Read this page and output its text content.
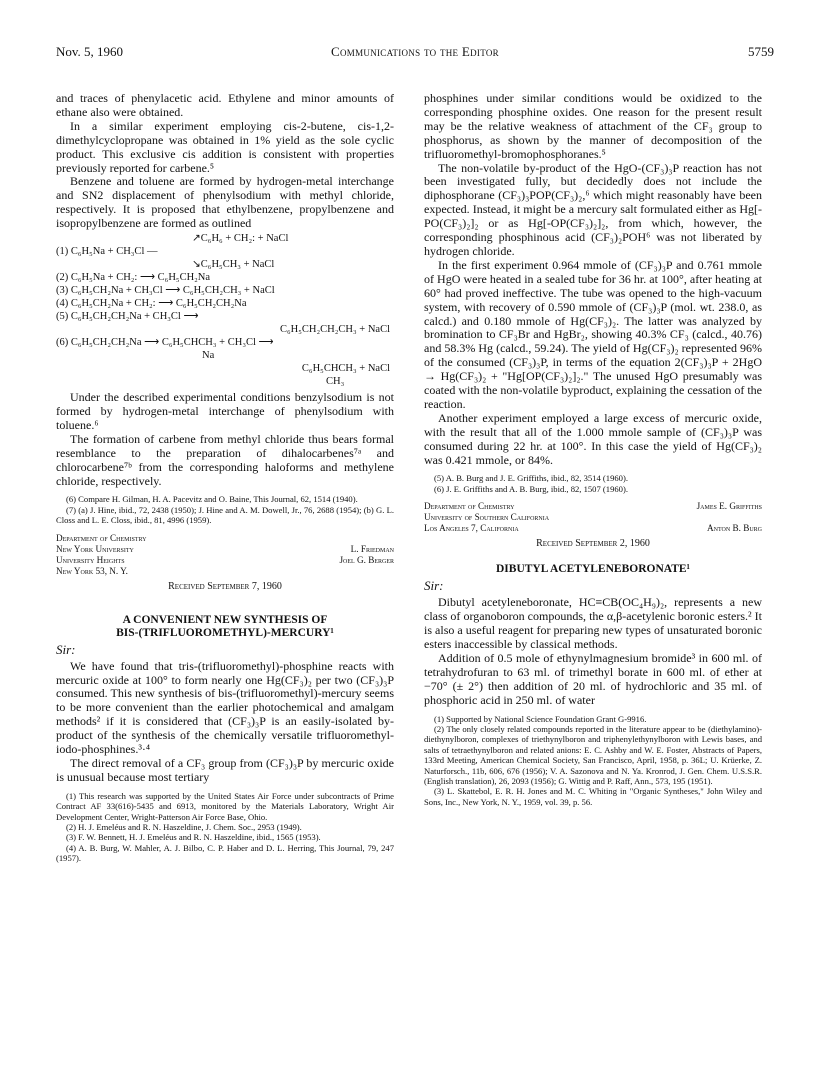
Nov. 5, 1960	Communications to the Editor	5759

and traces of phenylacetic acid. Ethylene and minor amounts of ethane also were obtained.

In a similar experiment employing cis-2-butene, cis-1,2-dimethylcyclopropane was obtained in 1% yield as the sole cyclic product. This exclusive cis addition is consistent with properties previously reported for carbene.⁵

Benzene and toluene are formed by hydrogen-metal interchange and SN2 displacement of phenylsodium with methyl chloride, respectively. It is proposed that ethylbenzene, propylbenzene and isopropylbenzene are formed as outlined

↗C₆H₆ + CH₂: + NaCl
(1) C₆H₅Na + CH₃Cl —
↘C₆H₅CH₃ + NaCl
(2) C₆H₅Na + CH₂: ⟶ C₆H₅CH₂Na
(3) C₆H₅CH₂Na + CH₃Cl ⟶ C₆H₅CH₂CH₃ + NaCl
(4) C₆H₅CH₂Na + CH₂: ⟶ C₆H₅CH₂CH₂Na
(5) C₆H₅CH₂CH₂Na + CH₃Cl ⟶
C₆H₅CH₂CH₂CH₃ + NaCl
(6) C₆H₅CH₂CH₂Na ⟶ C₆H₅CHCH₃ + CH₃Cl ⟶
Na
C₆H₅CHCH₃ + NaCl
CH₃

Under the described experimental conditions benzylsodium is not formed by hydrogen-metal interchange of phenylsodium with toluene.⁶

The formation of carbene from methyl chloride thus bears formal resemblance to the preparation of dihalocarbenes⁷ᵃ and chlorocarbene⁷ᵇ from the corresponding haloforms and methylene chloride, respectively.

(6) Compare H. Gilman, H. A. Pacevitz and O. Baine, This Journal, 62, 1514 (1940).

(7) (a) J. Hine, ibid., 72, 2438 (1950); J. Hine and A. M. Dowell, Jr., 76, 2688 (1954); (b) G. L. Closs and L. E. Closs, ibid., 81, 4996 (1959).

Department of Chemistry
New York University	L. Friedman
University Heights	Joel G. Berger
New York 53, N. Y.
Received September 7, 1960
A CONVENIENT NEW SYNTHESIS OF
BIS-(TRIFLUOROMETHYL)-MERCURY¹
Sir:

We have found that tris-(trifluoromethyl)-phosphine reacts with mercuric oxide at 100° to form nearly one Hg(CF₃)₂ per two (CF₃)₃P consumed. This new synthesis of bis-(trifluoromethyl)-mercury seems to be more convenient than the earlier photochemical and amalgam methods² if it is considered that (CF₃)₃P is an easily-isolated by-product of the synthesis of the chemically versatile trifluoromethyl-iodo-phosphines.³·⁴

The direct removal of a CF₃ group from (CF₃)₃P by mercuric oxide is unusual because most tertiary

(1) This research was supported by the United States Air Force under subcontracts of Prime Contract AF 33(616)-5435 and 6913, monitored by the Materials Laboratory, Wright Air Development Center, Wright-Patterson Air Force Base, Ohio.

(2) H. J. Emeléus and R. N. Haszeldine, J. Chem. Soc., 2953 (1949).

(3) F. W. Bennett, H. J. Emeléus and R. N. Haszeldine, ibid., 1565 (1953).

(4) A. B. Burg, W. Mahler, A. J. Bilbo, C. P. Haber and D. L. Herring, This Journal, 79, 247 (1957).

phosphines under similar conditions would be oxidized to the corresponding phosphine oxides. One reason for the present result may be the relative weakness of attachment of the CF₃ group to phosphorus, as shown by the manner of decomposition of the trifluoromethyl-bromophosphoranes.⁵

The non-volatile by-product of the HgO-(CF₃)₃P reaction has not been investigated fully, but decidedly does not include the diphosphorane (CF₃)₃POP(CF₃)₂,⁶ which might reasonably have been expected. Instead, it might be a mercury salt formulated either as Hg[-PO(CF₃)₂]₂ or as Hg[-OP(CF₃)₂]₂, from which, however, the corresponding phosphinous acid (CF₃)₂POH⁶ was not liberated by hydrogen chloride.

In the first experiment 0.964 mmole of (CF₃)₃P and 0.761 mmole of HgO were heated in a sealed tube for 36 hr. at 100°, after heating at 60° had proved ineffective. The tube was opened to the high-vacuum system, with recovery of 0.590 mmole of (CF₃)₃P (mol. wt. 238.0, as calcd.) and 0.180 mmole of Hg(CF₃)₂. The latter was analyzed by bromination to CF₃Br and HgBr₂, showing 40.3% CF₃ (calcd., 40.76) and 58.3% Hg (calcd., 59.24). The yield of Hg(CF₃)₂ represented 96% of the consumed (CF₃)₃P, in terms of the equation 2(CF₃)₃P + 2HgO → Hg(CF₃)₂ + "Hg[OP(CF₃)₂]₂." The unused HgO presumably was coated with the non-volatile byproduct, explaining the cessation of the reaction.

Another experiment employed a large excess of mercuric oxide, with the result that all of the 1.000 mmole sample of (CF₃)₃P was consumed during 22 hr. at 100°. In this case the yield of Hg(CF₃)₂ was 0.421 mmole, or 84%.

(5) A. B. Burg and J. E. Griffiths, ibid., 82, 3514 (1960).

(6) J. E. Griffiths and A. B. Burg, ibid., 82, 1507 (1960).

Department of Chemistry	James E. Griffiths
University of Southern California
Los Angeles 7, California	Anton B. Burg
Received September 2, 1960
DIBUTYL ACETYLENEBORONATE¹
Sir:

Dibutyl acetyleneboronate, HC≡CB(OC₄H₉)₂, represents a new class of organoboron compounds, the α,β-acetylenic boronic esters.² It is also a useful reagent for preparing new types of unsaturated boronic esters inaccessible by classical methods.

Addition of 0.5 mole of ethynylmagnesium bromide³ in 600 ml. of tetrahydrofuran to 63 ml. of trimethyl borate in 600 ml. of ether at −70° (± 2°) then addition of 20 ml. of hydrochloric and 35 ml. of phosphoric acid in 250 ml. of water

(1) Supported by National Science Foundation Grant G-9916.

(2) The only closely related compounds reported in the literature appear to be (diethylamino)-diethynylboron, complexes of triethynylboron and triphenylethynylboron with Lewis bases, and salts of tetraethynylboron and related anions: E. C. Ashby and W. E. Foster, Abstracts of Papers, 133rd Meeting, American Chemical Society, San Francisco, April, 1958, p. 36L; U. Krüerke, Z. Naturforsch., 11b, 606, 676 (1956); V. A. Sazonova and N. Ya. Kronrod, J. Gen. Chem. U.S.S.R. (English translation), 26, 2093 (1956); G. Wittig and P. Raff, Ann., 573, 195 (1951).

(3) L. Skattebol, E. R. H. Jones and M. C. Whiting in "Organic Syntheses," John Wiley and Sons, Inc., New York, N. Y., 1959, vol. 39, p. 56.
